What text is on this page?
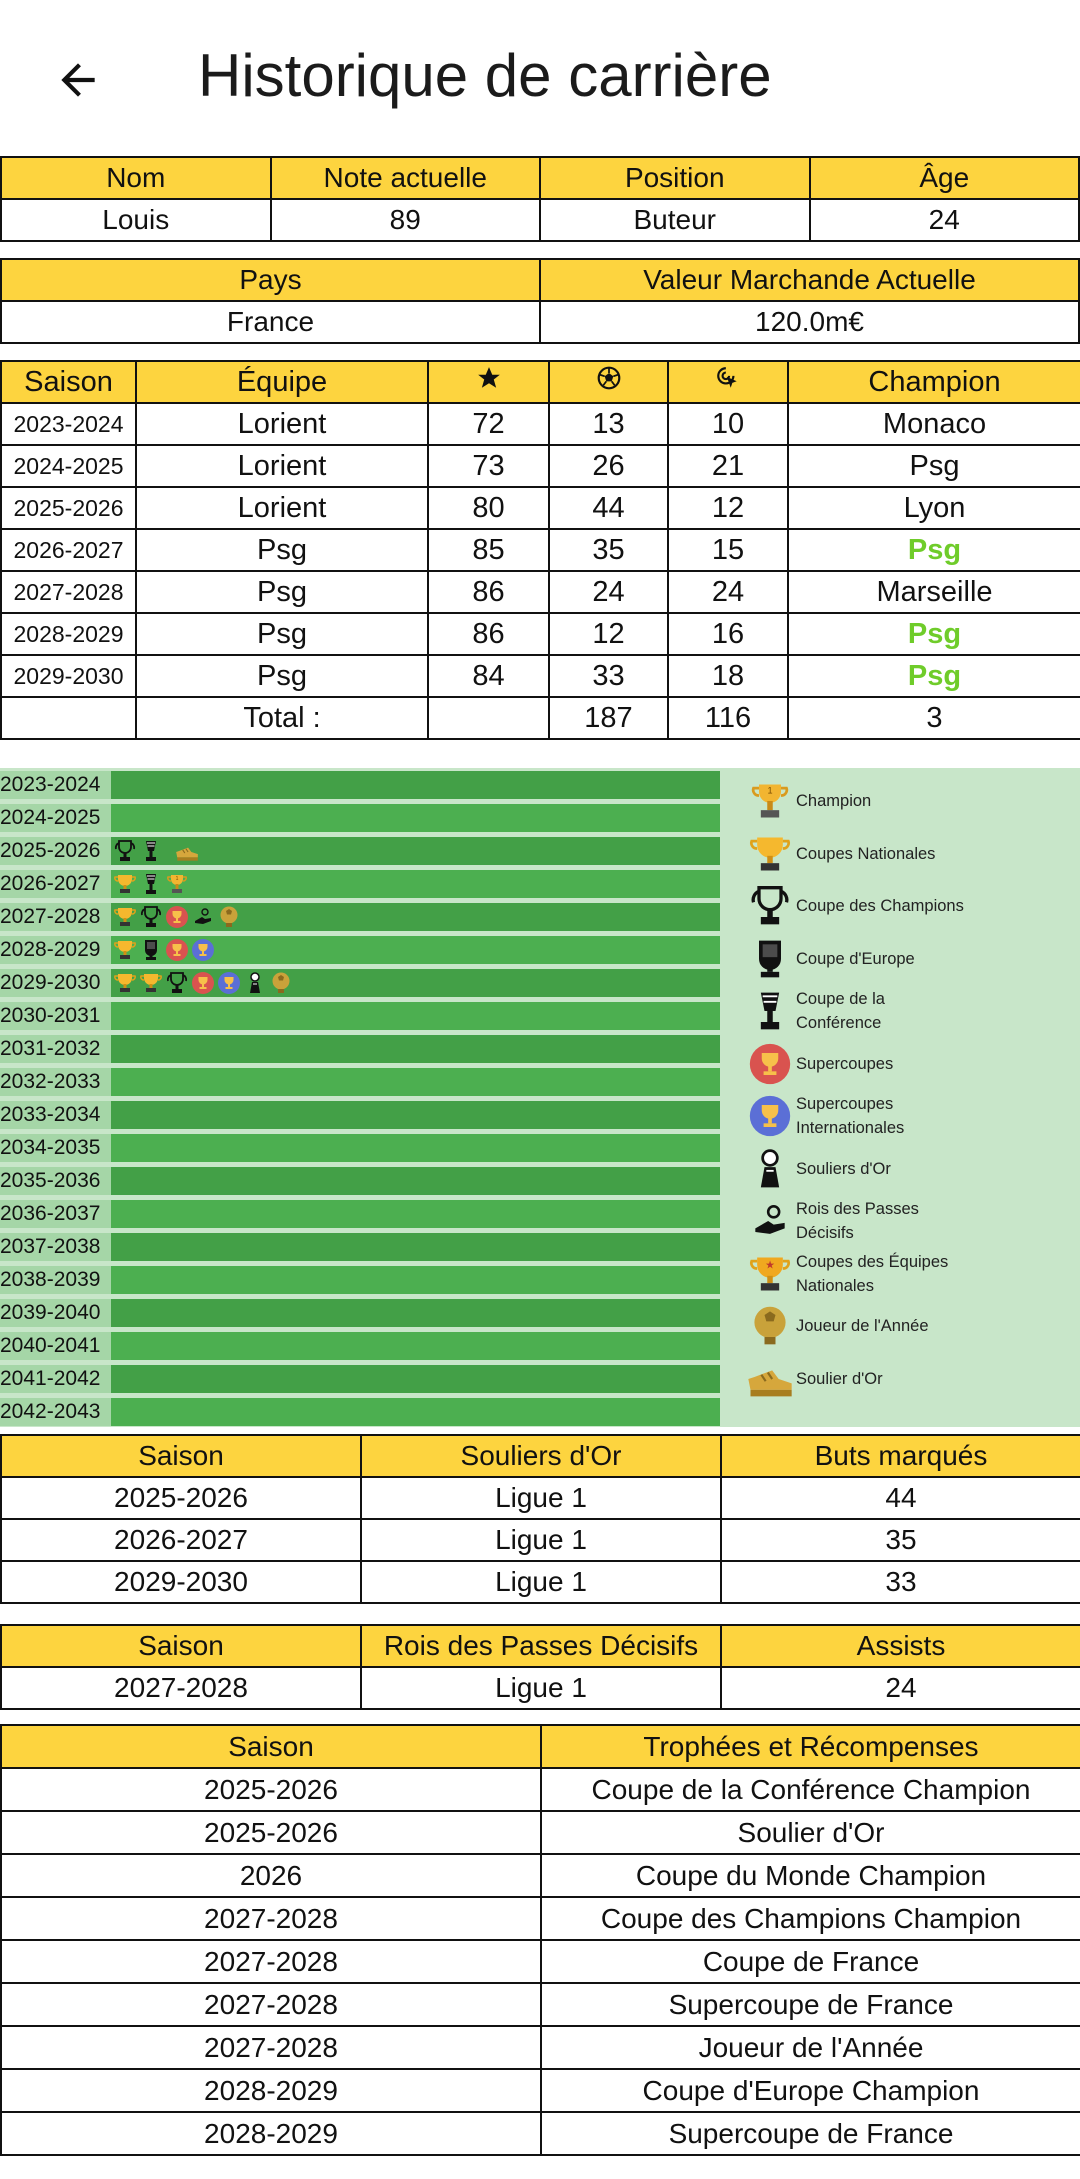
Historique de carrière
Nom	Note actuelle	Position	Âge
Louis	89	Buteur	24
Pays	Valeur Marchande Actuelle
France	120.0m€
Saison	Équipe				Champion
2023-2024	Lorient	72	13	10	Monaco
2024-2025	Lorient	73	26	21	Psg
2025-2026	Lorient	80	44	12	Lyon
2026-2027	Psg	85	35	15	Psg
2027-2028	Psg	86	24	24	Marseille
2028-2029	Psg	86	12	16	Psg
2029-2030	Psg	84	33	18	Psg
	Total :		187	116	3
2023-2024
2024-2025
2025-2026
2026-2027	1
2027-2028
2028-2029
2029-2030
2030-2031
2031-2032
2032-2033
2033-2034
2034-2035
2035-2036
2036-2037
2037-2038
2038-2039
2039-2040
2040-2041
2041-2042
2042-2043
1
Champion
Coupes Nationales
Coupe des Champions
Coupe d'Europe
Coupe de la Conférence
Supercoupes
Supercoupes Internationales
Souliers d'Or
Rois des Passes Décisifs
★ Coupes des Équipes Nationales
Joueur de l'Année
Soulier d'Or
Saison	Souliers d'Or	Buts marqués
2025-2026	Ligue 1	44
2026-2027	Ligue 1	35
2029-2030	Ligue 1	33
Saison	Rois des Passes Décisifs	Assists
2027-2028	Ligue 1	24
Saison	Trophées et Récompenses
2025-2026	Coupe de la Conférence Champion
2025-2026	Soulier d'Or
2026	Coupe du Monde Champion
2027-2028	Coupe des Champions Champion
2027-2028	Coupe de France
2027-2028	Supercoupe de France
2027-2028	Joueur de l'Année
2028-2029	Coupe d'Europe Champion
2028-2029	Supercoupe de France
